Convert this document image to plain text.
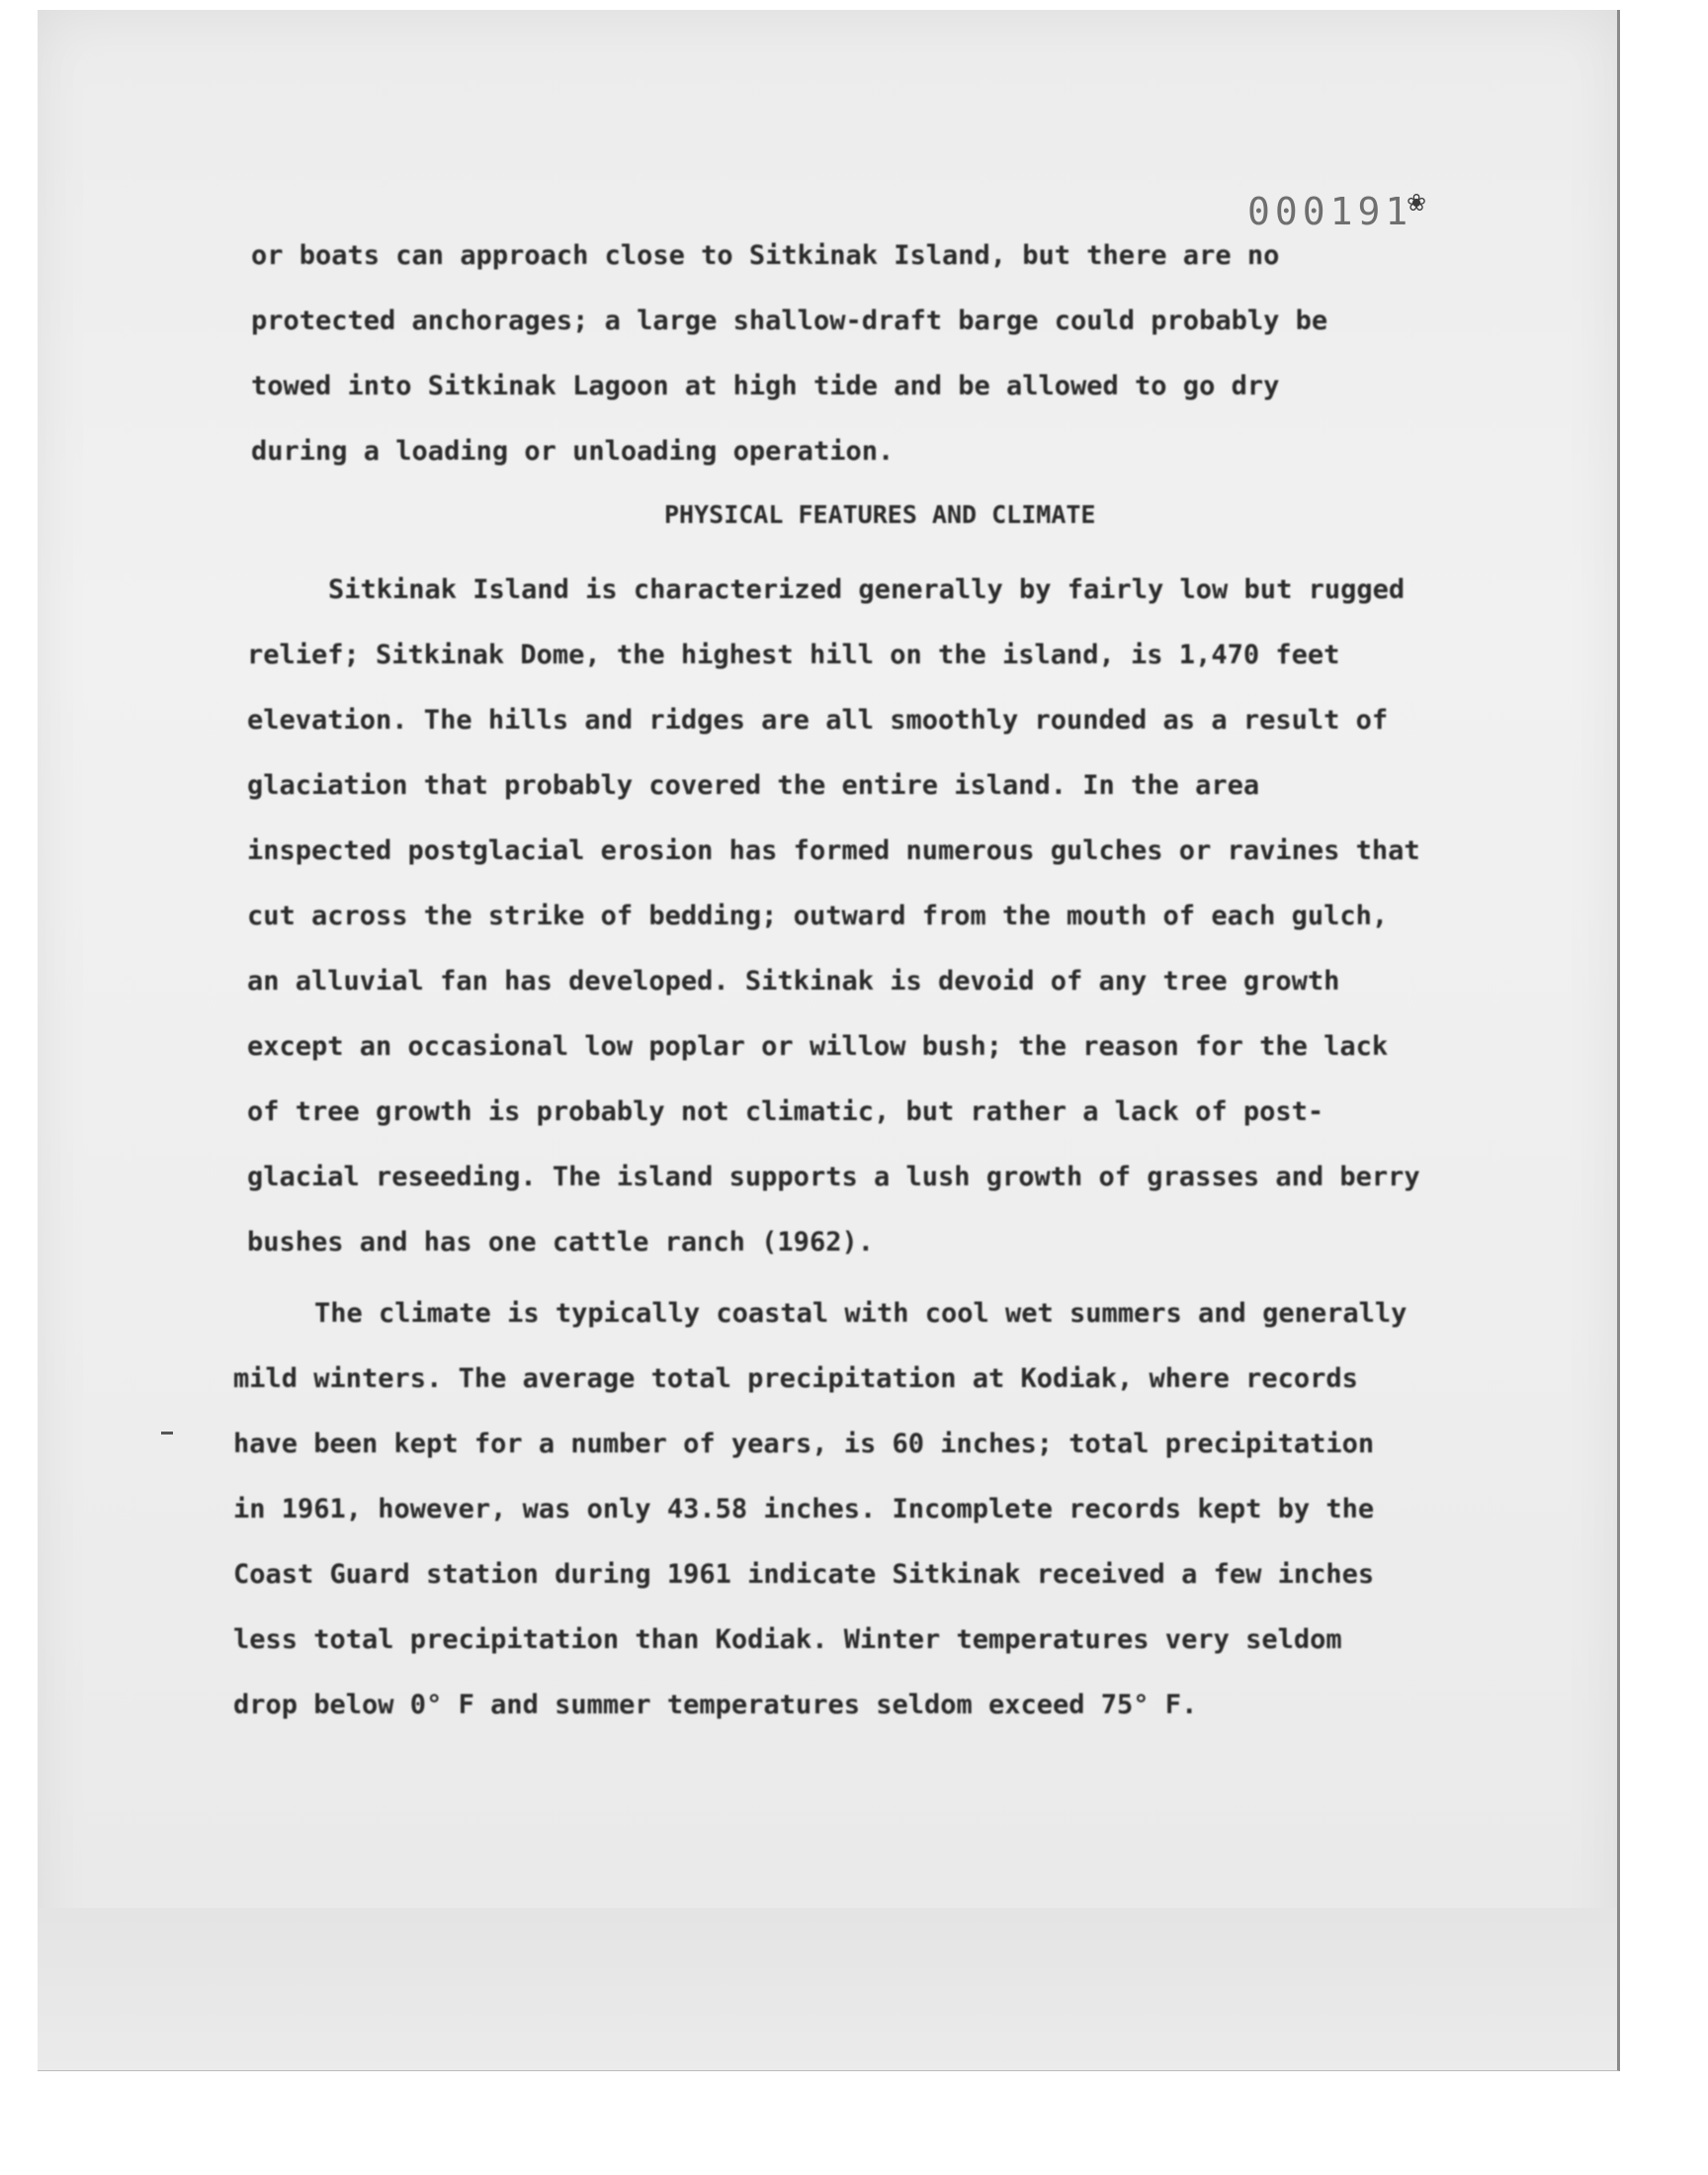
000191
❀
or boats can approach close to Sitkinak Island, but there are no
protected anchorages; a large shallow-draft barge could probably be
towed into Sitkinak Lagoon at high tide and be allowed to go dry
during a loading or unloading operation.
PHYSICAL FEATURES AND CLIMATE
Sitkinak Island is characterized generally by fairly low but rugged
relief; Sitkinak Dome, the highest hill on the island, is 1,470 feet
elevation. The hills and ridges are all smoothly rounded as a result of
glaciation that probably covered the entire island. In the area
inspected postglacial erosion has formed numerous gulches or ravines that
cut across the strike of bedding; outward from the mouth of each gulch,
an alluvial fan has developed. Sitkinak is devoid of any tree growth
except an occasional low poplar or willow bush; the reason for the lack
of tree growth is probably not climatic, but rather a lack of post-
glacial reseeding. The island supports a lush growth of grasses and berry
bushes and has one cattle ranch (1962).
The climate is typically coastal with cool wet summers and generally
mild winters. The average total precipitation at Kodiak, where records
have been kept for a number of years, is 60 inches; total precipitation
in 1961, however, was only 43.58 inches. Incomplete records kept by the
Coast Guard station during 1961 indicate Sitkinak received a few inches
less total precipitation than Kodiak. Winter temperatures very seldom
drop below 0° F and summer temperatures seldom exceed 75° F.
